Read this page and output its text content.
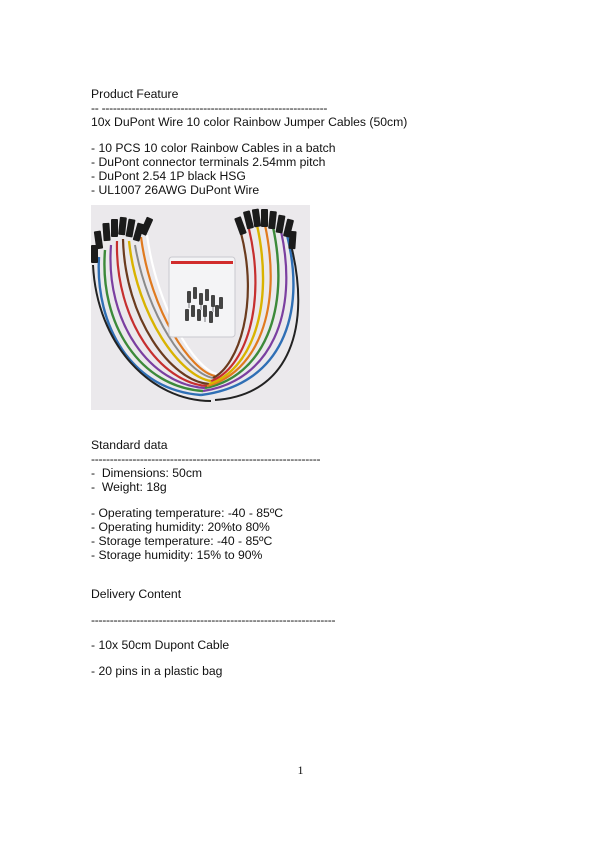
Product Feature
-- ------------------------------------------------------------
10x DuPont Wire 10 color Rainbow Jumper Cables (50cm)
- 10 PCS 10 color Rainbow Cables in a batch
- DuPont connector terminals 2.54mm pitch
- DuPont 2.54 1P black HSG
- UL1007 26AWG DuPont Wire
Standard data
-------------------------------------------------------------
-  Dimensions: 50cm
-  Weight: 18g
- Operating temperature: -40 - 85ºC
- Operating humidity: 20%to 80%
- Storage temperature: -40 - 85ºC
- Storage humidity: 15% to 90%
Delivery Content
-----------------------------------------------------------------
- 10x 50cm Dupont Cable
- 20 pins in a plastic bag
1
